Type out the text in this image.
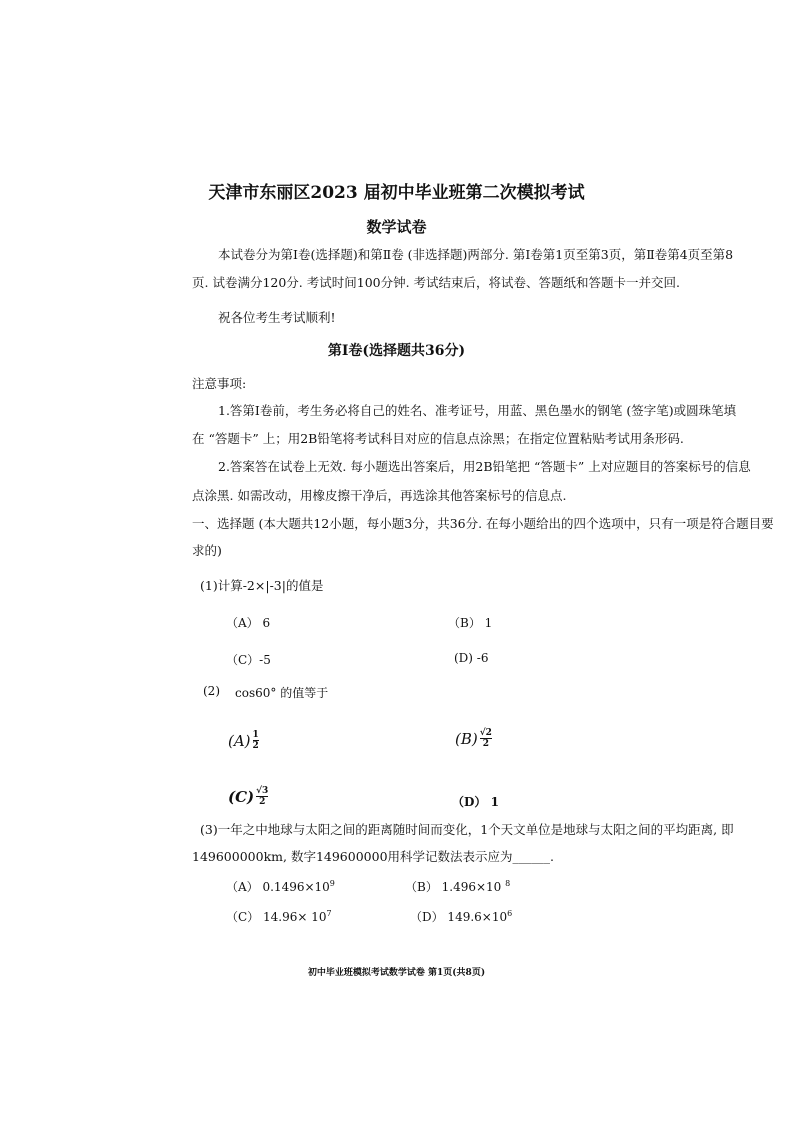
天津市东丽区2023 届初中毕业班第二次模拟考试
数学试卷
本试卷分为第Ⅰ卷(选择题)和第Ⅱ卷 (非选择题)两部分. 第Ⅰ卷第1页至第3页，第Ⅱ卷第4页至第8
页. 试卷满分120分. 考试时间100分钟. 考试结束后，将试卷、答题纸和答题卡一并交回.
祝各位考生考试顺利!
第Ⅰ卷(选择题共36分)
注意事项:
1.答第Ⅰ卷前，考生务必将自己的姓名、准考证号，用蓝、黑色墨水的钢笔 (签字笔)或圆珠笔填
在 “答题卡” 上；用2B铅笔将考试科目对应的信息点涂黑；在指定位置粘贴考试用条形码.
2.答案答在试卷上无效. 每小题选出答案后，用2B铅笔把 “答题卡” 上对应题目的答案标号的信息
点涂黑. 如需改动，用橡皮擦干净后，再选涂其他答案标号的信息点.
一、选择题 (本大题共12小题，每小题3分，共36分. 在每小题给出的四个选项中，只有一项是符合题目要
求的)
(1)计算-2×|-3|的值是
（A） 6	（B） 1
（C）-5	(D) -6
(2) cos60° 的值等于
$(A) \frac{1}{2}$	$(B) \frac{√2}{2}$
$(C) \frac{√3}{2}$	（D） 1
(3)一年之中地球与太阳之间的距离随时间而变化，1个天文单位是地球与太阳之间的平均距离, 即
149600000km, 数字149600000用科学记数法表示应为______.
（A） $0.1496\times 10^9$	（B） 1.496×10 $^8$
（C） $14.96\times 10^7$	（D） $149.6\times 10^6$
初中毕业班模拟考试数学试卷 第1页(共8页)
